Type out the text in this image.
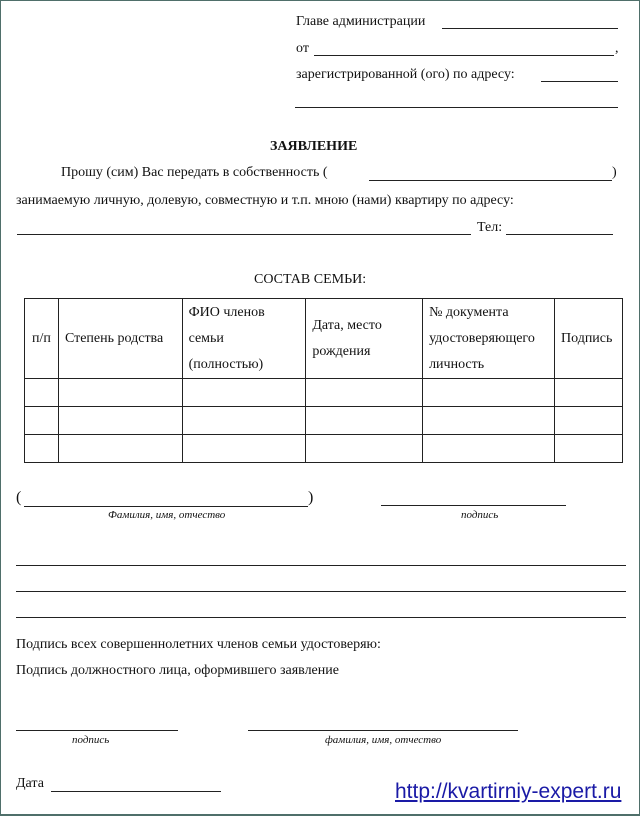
Главе администрации
от	,
зарегистрированной (ого) по адресу:
ЗАЯВЛЕНИЕ
Прошу (сим) Вас передать в собственность (	)
занимаемую личную, долевую, совместную и т.п. мною (нами) квартиру по адресу:
Тел:
СОСТАВ СЕМЬИ:
п/п	Степень родства	ФИО членов семьи (полностью)	Дата, место рождения	№ документа удостоверяющего личность	Подпись

(	)
Фамилия, имя, отчество	подпись
Подпись всех совершеннолетних членов семьи удостоверяю:
Подпись должностного лица, оформившего заявление
подпись	фамилия, имя, отчество
Дата	http://kvartirniy-expert.ru
